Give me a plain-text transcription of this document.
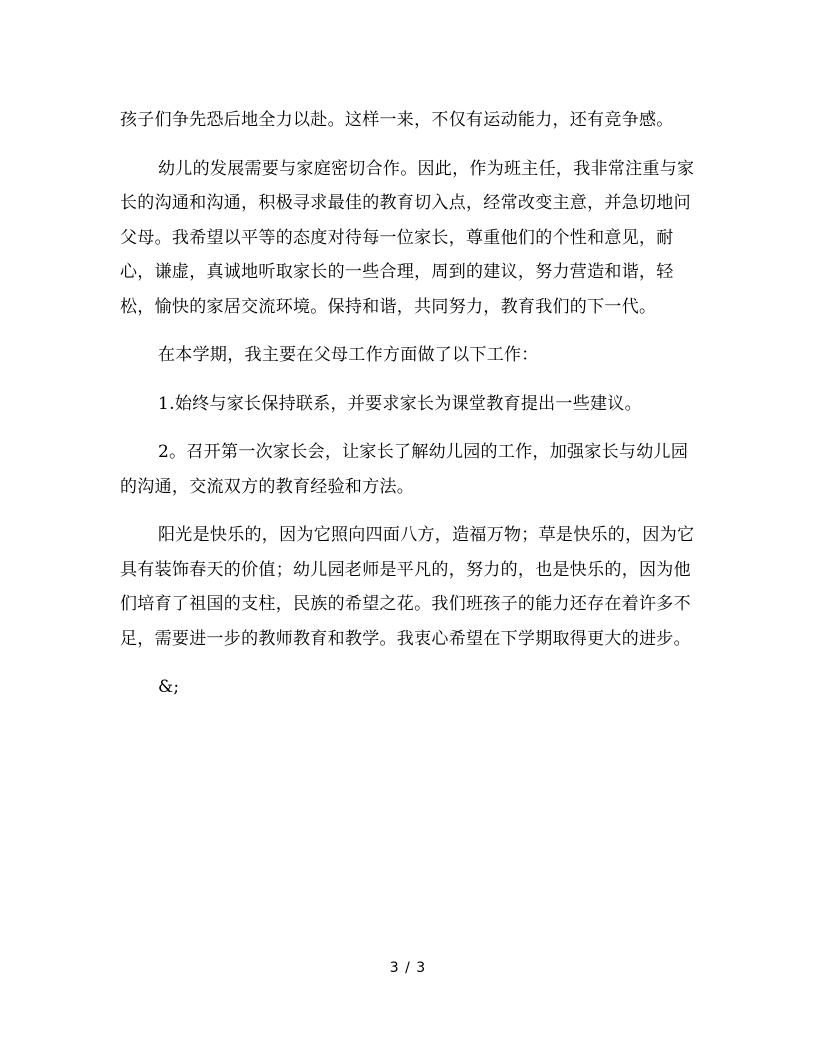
孩子们争先恐后地全力以赴。这样一来，不仅有运动能力，还有竞争感。

幼儿的发展需要与家庭密切合作。因此，作为班主任，我非常注重与家长的沟通和沟通，积极寻求最佳的教育切入点，经常改变主意，并急切地问父母。我希望以平等的态度对待每一位家长，尊重他们的个性和意见，耐心，谦虚，真诚地听取家长的一些合理，周到的建议，努力营造和谐，轻松，愉快的家居交流环境。保持和谐，共同努力，教育我们的下一代。

在本学期，我主要在父母工作方面做了以下工作：

1.始终与家长保持联系，并要求家长为课堂教育提出一些建议。

2。召开第一次家长会，让家长了解幼儿园的工作，加强家长与幼儿园的沟通，交流双方的教育经验和方法。

阳光是快乐的，因为它照向四面八方，造福万物；草是快乐的，因为它具有装饰春天的价值；幼儿园老师是平凡的，努力的，也是快乐的，因为他们培育了祖国的支柱，民族的希望之花。我们班孩子的能力还存在着许多不足，需要进一步的教师教育和教学。我衷心希望在下学期取得更大的进步。

&;

3 / 3
